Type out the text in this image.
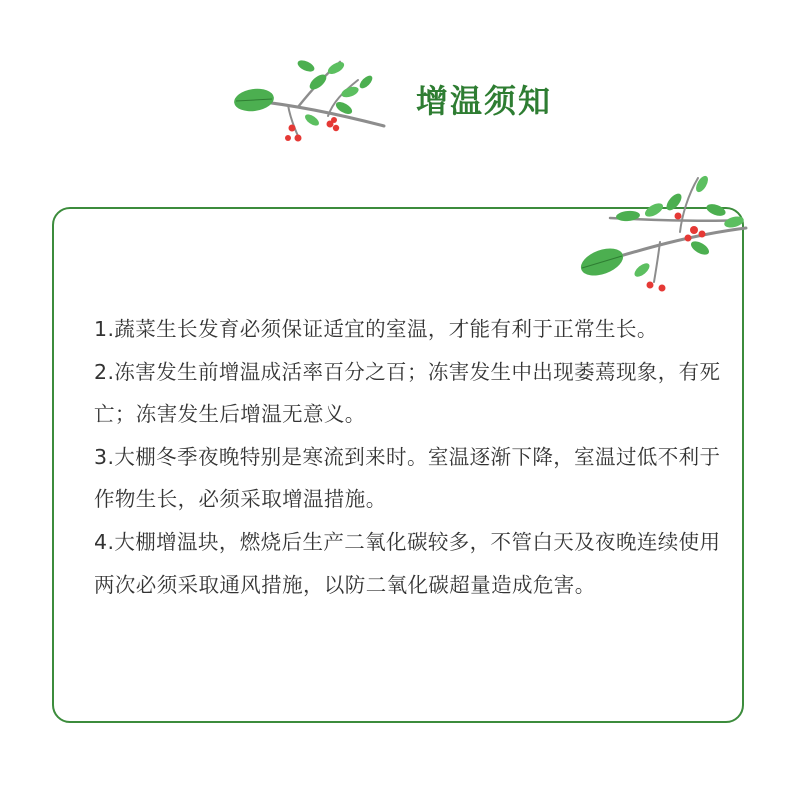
增温须知
1.蔬菜生长发育必须保证适宜的室温，才能有利于正常生长。
2.冻害发生前增温成活率百分之百；冻害发生中出现萎蔫现象，有死亡；冻害发生后增温无意义。
3.大棚冬季夜晚特别是寒流到来时。室温逐渐下降，室温过低不利于作物生长，必须采取增温措施。
4.大棚增温块，燃烧后生产二氧化碳较多，不管白天及夜晚连续使用两次必须采取通风措施，以防二氧化碳超量造成危害。
